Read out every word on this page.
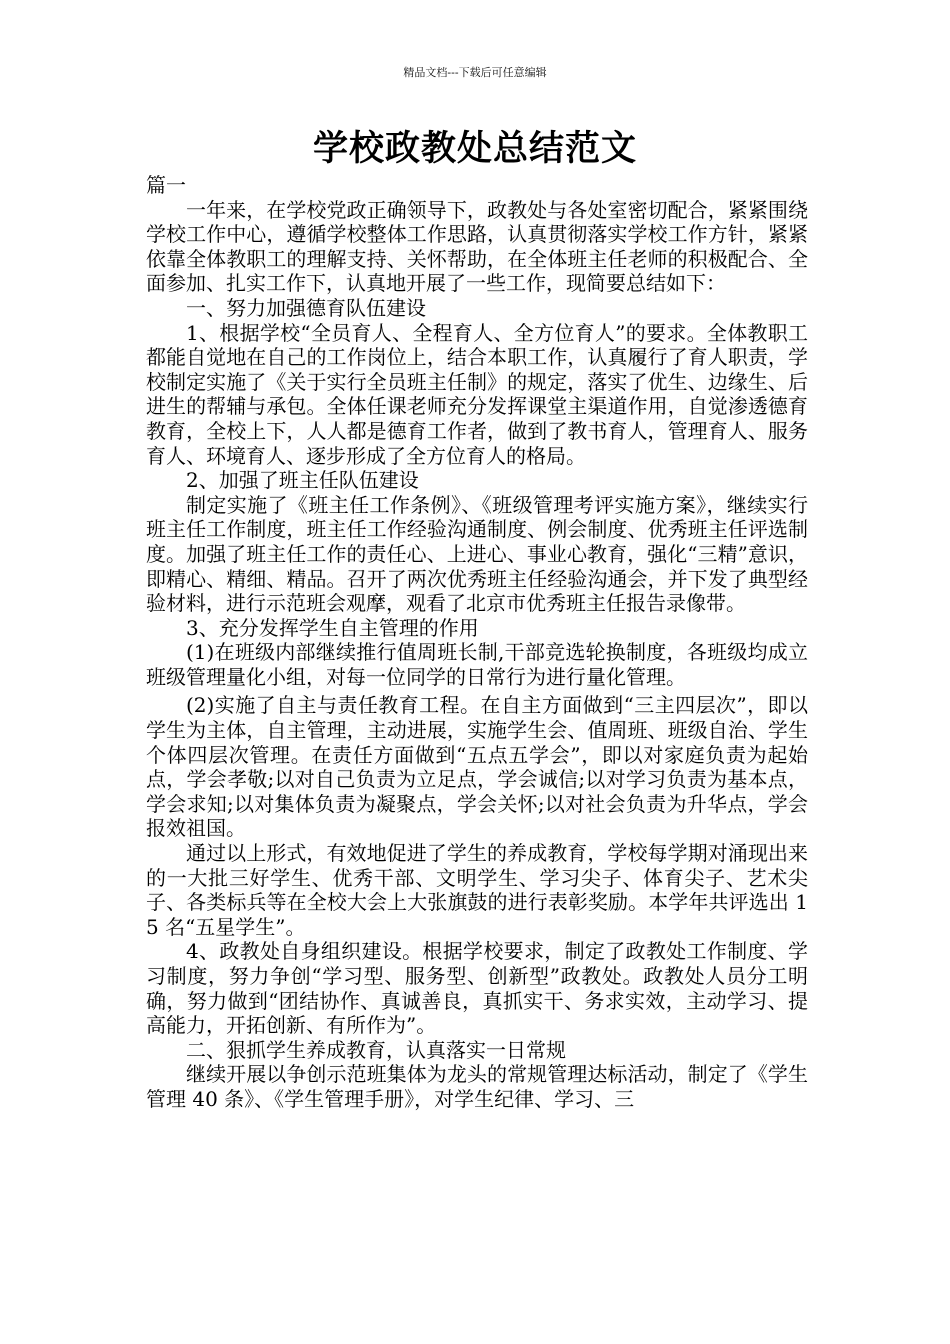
精品文档---下载后可任意编辑
学校政教处总结范文

篇一

一年来，在学校党政正确领导下，政教处与各处室密切配合，紧紧围绕学校工作中心，遵循学校整体工作思路，认真贯彻落实学校工作方针，紧紧依靠全体教职工的理解支持、关怀帮助，在全体班主任老师的积极配合、全面参加、扎实工作下，认真地开展了一些工作，现简要总结如下：

一、努力加强德育队伍建设

1、根据学校“全员育人、全程育人、全方位育人”的要求。全体教职工都能自觉地在自己的工作岗位上，结合本职工作，认真履行了育人职责，学校制定实施了《关于实行全员班主任制》的规定，落实了优生、边缘生、后进生的帮辅与承包。全体任课老师充分发挥课堂主渠道作用，自觉渗透德育教育，全校上下，人人都是德育工作者，做到了教书育人，管理育人、服务育人、环境育人、逐步形成了全方位育人的格局。

2、加强了班主任队伍建设

制定实施了《班主任工作条例》、《班级管理考评实施方案》，继续实行班主任工作制度，班主任工作经验沟通制度、例会制度、优秀班主任评选制度。加强了班主任工作的责任心、上进心、事业心教育，强化“三精”意识，即精心、精细、精品。召开了两次优秀班主任经验沟通会，并下发了典型经验材料，进行示范班会观摩，观看了北京市优秀班主任报告录像带。

3、充分发挥学生自主管理的作用

(1)在班级内部继续推行值周班长制,干部竞选轮换制度，各班级均成立班级管理量化小组，对每一位同学的日常行为进行量化管理。

(2)实施了自主与责任教育工程。在自主方面做到“三主四层次”，即以学生为主体，自主管理，主动进展，实施学生会、值周班、班级自治、学生个体四层次管理。在责任方面做到“五点五学会”，即以对家庭负责为起始点，学会孝敬;以对自己负责为立足点，学会诚信;以对学习负责为基本点，学会求知;以对集体负责为凝聚点，学会关怀;以对社会负责为升华点，学会报效祖国。

通过以上形式，有效地促进了学生的养成教育，学校每学期对涌现出来的一大批三好学生、优秀干部、文明学生、学习尖子、体育尖子、艺术尖子、各类标兵等在全校大会上大张旗鼓的进行表彰奖励。本学年共评选出 15 名“五星学生”。

4、政教处自身组织建设。根据学校要求，制定了政教处工作制度、学习制度，努力争创“学习型、服务型、创新型”政教处。政教处人员分工明确，努力做到“团结协作、真诚善良，真抓实干、务求实效，主动学习、提高能力，开拓创新、有所作为”。

二、狠抓学生养成教育，认真落实一日常规

继续开展以争创示范班集体为龙头的常规管理达标活动，制定了《学生管理 40 条》、《学生管理手册》，对学生纪律、学习、三
